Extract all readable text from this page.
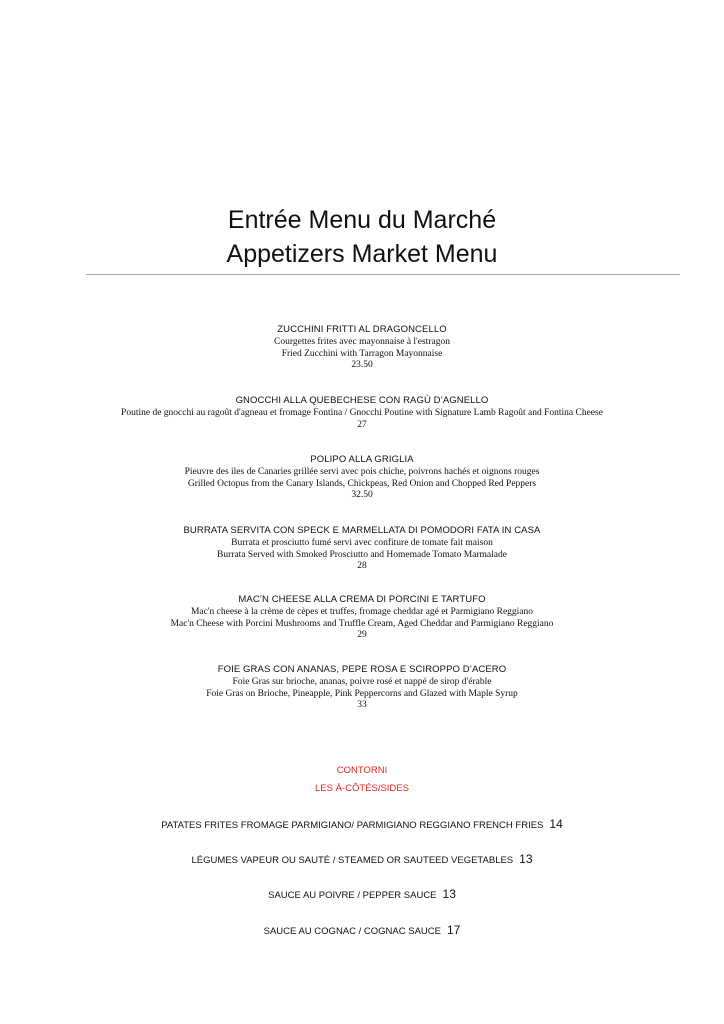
Entrée Menu du Marché
Appetizers Market Menu
ZUCCHINI FRITTI AL DRAGONCELLO
Courgettes frites avec mayonnaise à l'estragon
Fried Zucchini with Tarragon Mayonnaise
23.50
GNOCCHI ALLA QUEBECHESE CON RAGÙ D’AGNELLO
Poutine de gnocchi au ragoût d'agneau et fromage Fontina / Gnocchi Poutine with Signature Lamb Ragoût and Fontina Cheese
27
POLIPO ALLA GRIGLIA
Pieuvre des iles de Canaries grillée servi avec pois chiche, poivrons hachés et oignons rouges
Grilled Octopus from the Canary Islands, Chickpeas, Red Onion and Chopped Red Peppers
32.50
BURRATA SERVITA CON SPECK E MARMELLATA DI POMODORI FATA IN CASA
Burrata et prosciutto fumé servi avec confiture de tomate fait maison
Burrata Served with Smoked Prosciutto and Homemade Tomato Marmalade
28
MAC’N CHEESE ALLA CREMA DI PORCINI E TARTUFO
Mac'n cheese à la crème de cèpes et truffes, fromage cheddar agé et Parmigiano Reggiano
Mac'n Cheese with Porcini Mushrooms and Truffle Cream, Aged Cheddar and Parmigiano Reggiano
29
FOIE GRAS CON ANANAS, PEPE ROSA E SCIROPPO D’ACERO
Foie Gras sur brioche, ananas, poivre rosé et nappé de sirop d'érable
Foie Gras on Brioche, Pineapple, Pink Peppercorns and Glazed with Maple Syrup
33
CONTORNI
LES À-CÔTÉS/SIDES
PATATES FRITES FROMAGE PARMIGIANO/ PARMIGIANO REGGIANO FRENCH FRIES 14
LÉGUMES VAPEUR OU SAUTÉ / STEAMED OR SAUTEED VEGETABLES 13
SAUCE AU POIVRE / PEPPER SAUCE 13
SAUCE AU COGNAC / COGNAC SAUCE 17
